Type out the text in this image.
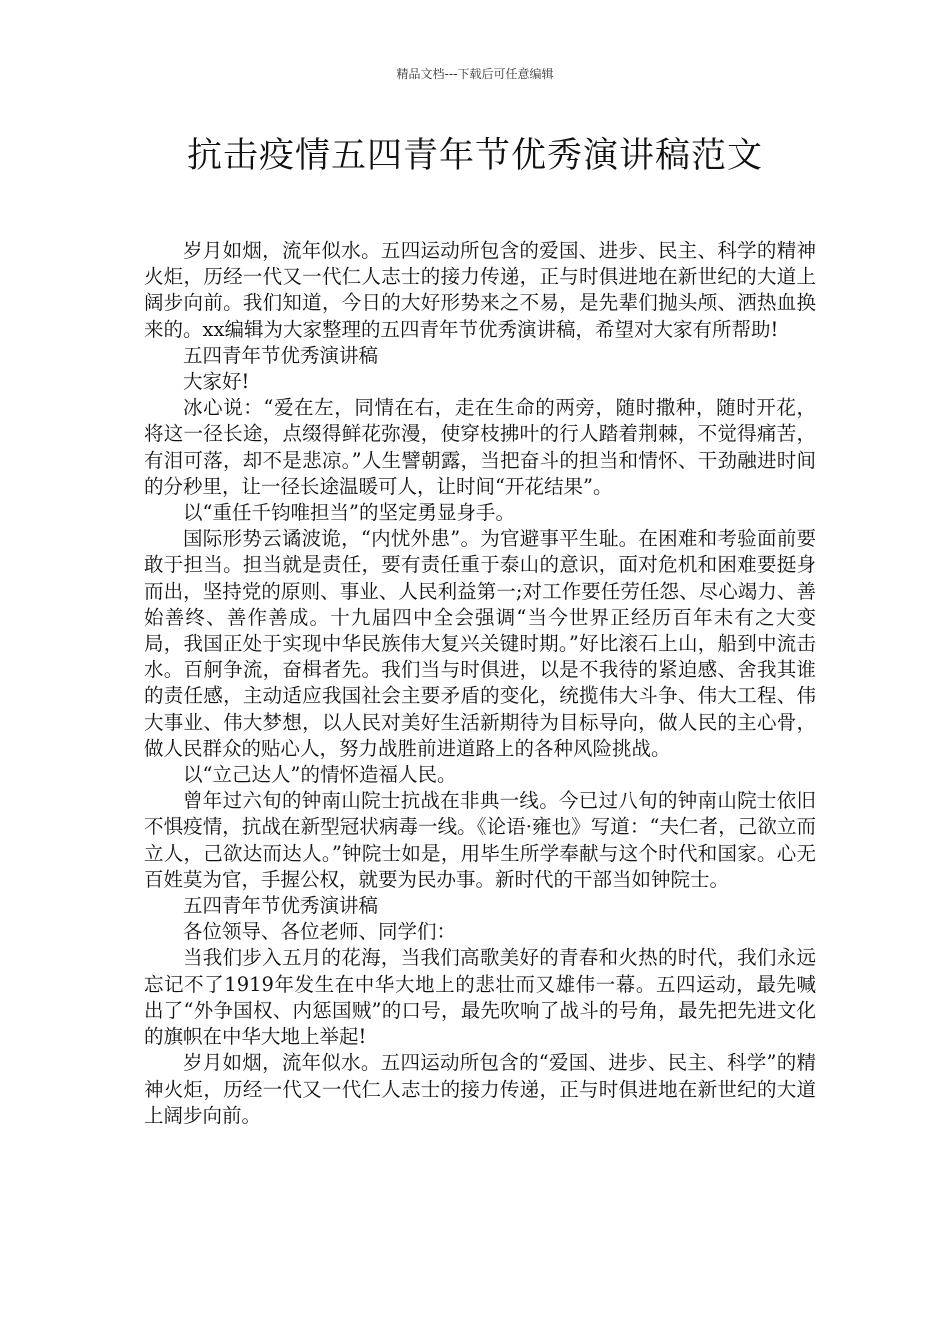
精品文档---下载后可任意编辑
抗击疫情五四青年节优秀演讲稿范文

岁月如烟，流年似水。五四运动所包含的爱国、进步、民主、科学的精神火炬，历经一代又一代仁人志士的接力传递，正与时俱进地在新世纪的大道上阔步向前。我们知道，今日的大好形势来之不易，是先辈们抛头颅、洒热血换来的。xx编辑为大家整理的五四青年节优秀演讲稿，希望对大家有所帮助!

五四青年节优秀演讲稿

大家好!

冰心说：“爱在左，同情在右，走在生命的两旁，随时撒种，随时开花，将这一径长途，点缀得鲜花弥漫，使穿枝拂叶的行人踏着荆棘，不觉得痛苦，有泪可落，却不是悲凉。”人生譬朝露，当把奋斗的担当和情怀、干劲融进时间的分秒里，让一径长途温暖可人，让时间“开花结果”。

以“重任千钧唯担当”的坚定勇显身手。

国际形势云谲波诡，“内忧外患”。为官避事平生耻。在困难和考验面前要敢于担当。担当就是责任，要有责任重于泰山的意识，面对危机和困难要挺身而出，坚持党的原则、事业、人民利益第一;对工作要任劳任怨、尽心竭力、善始善终、善作善成。十九届四中全会强调“当今世界正经历百年未有之大变局，我国正处于实现中华民族伟大复兴关键时期。”好比滚石上山，船到中流击水。百舸争流，奋楫者先。我们当与时俱进，以是不我待的紧迫感、舍我其谁的责任感，主动适应我国社会主要矛盾的变化，统揽伟大斗争、伟大工程、伟大事业、伟大梦想，以人民对美好生活新期待为目标导向，做人民的主心骨，做人民群众的贴心人，努力战胜前进道路上的各种风险挑战。

以“立己达人”的情怀造福人民。

曾年过六旬的钟南山院士抗战在非典一线。今已过八旬的钟南山院士依旧不惧疫情，抗战在新型冠状病毒一线。《论语·雍也》写道：“夫仁者，己欲立而立人，己欲达而达人。”钟院士如是，用毕生所学奉献与这个时代和国家。心无百姓莫为官，手握公权，就要为民办事。新时代的干部当如钟院士。

五四青年节优秀演讲稿

各位领导、各位老师、同学们：

当我们步入五月的花海，当我们高歌美好的青春和火热的时代，我们永远忘记不了1919年发生在中华大地上的悲壮而又雄伟一幕。五四运动，最先喊出了“外争国权、内惩国贼”的口号，最先吹响了战斗的号角，最先把先进文化的旗帜在中华大地上举起!

岁月如烟，流年似水。五四运动所包含的“爱国、进步、民主、科学”的精神火炬，历经一代又一代仁人志士的接力传递，正与时俱进地在新世纪的大道上阔步向前。
